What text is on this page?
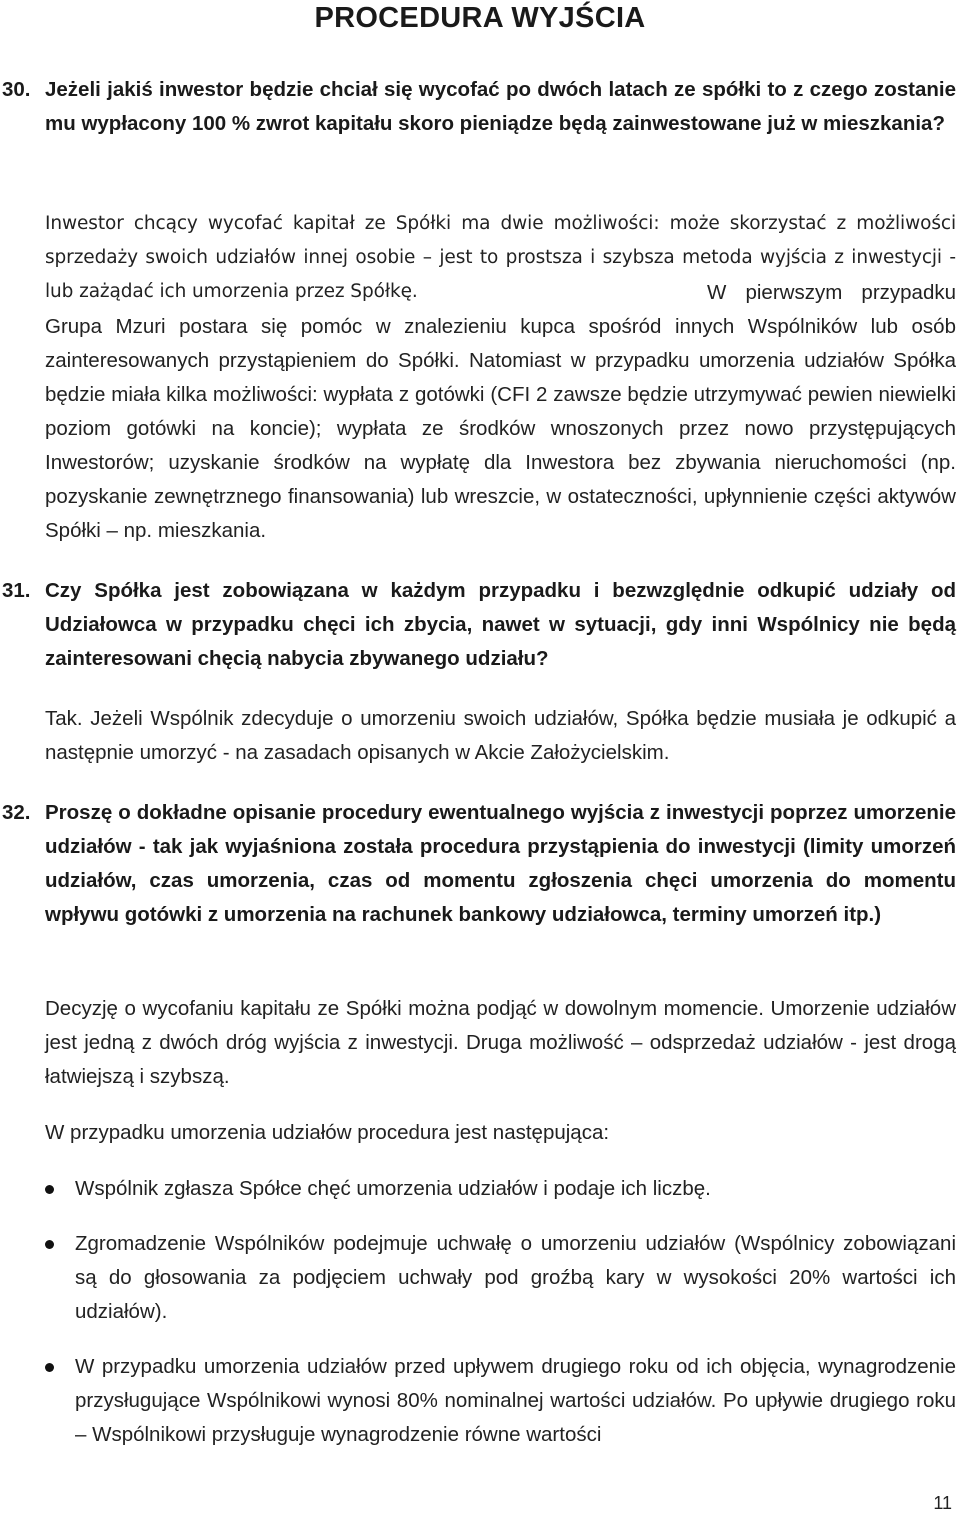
PROCEDURA WYJŚCIA
30. Jeżeli jakiś inwestor będzie chciał się wycofać po dwóch latach ze spółki to z czego zostanie mu wypłacony 100 % zwrot kapitału skoro pieniądze będą zainwestowane już w mieszkania?
Inwestor chcący wycofać kapitał ze Spółki ma dwie możliwości: może skorzystać z możliwości sprzedaży swoich udziałów innej osobie – jest to prostsza i szybsza metoda wyjścia z inwestycji - lub zażądać ich umorzenia przez Spółkę.	W pierwszym przypadku Grupa Mzuri postara się pomóc w znalezieniu kupca spośród innych Wspólników lub osób zainteresowanych przystąpieniem do Spółki. Natomiast w przypadku umorzenia udziałów Spółka będzie miała kilka możliwości: wypłata z gotówki (CFI 2 zawsze będzie utrzymywać pewien niewielki poziom gotówki na koncie); wypłata ze środków wnoszonych przez nowo przystępujących Inwestorów; uzyskanie środków na wypłatę dla Inwestora bez zbywania nieruchomości (np. pozyskanie zewnętrznego finansowania) lub wreszcie, w ostateczności, upłynnienie części aktywów Spółki – np. mieszkania.
31. Czy Spółka jest zobowiązana w każdym przypadku i bezwzględnie odkupić udziały od Udziałowca w przypadku chęci ich zbycia, nawet w sytuacji, gdy inni Wspólnicy nie będą zainteresowani chęcią nabycia zbywanego udziału?
Tak. Jeżeli Wspólnik zdecyduje o umorzeniu swoich udziałów, Spółka będzie musiała je odkupić a następnie umorzyć - na zasadach opisanych w Akcie Założycielskim.
32. Proszę o dokładne opisanie procedury ewentualnego wyjścia z inwestycji poprzez umorzenie udziałów - tak jak wyjaśniona została procedura przystąpienia do inwestycji (limity umorzeń udziałów, czas umorzenia, czas od momentu zgłoszenia chęci umorzenia do momentu wpływu gotówki z umorzenia na rachunek bankowy udziałowca, terminy umorzeń itp.)
Decyzję o wycofaniu kapitału ze Spółki można podjąć w dowolnym momencie. Umorzenie udziałów jest jedną z dwóch dróg wyjścia z inwestycji. Druga możliwość – odsprzedaż udziałów - jest drogą łatwiejszą i szybszą.
W przypadku umorzenia udziałów procedura jest następująca:
Wspólnik zgłasza Spółce chęć umorzenia udziałów i podaje ich liczbę.
Zgromadzenie Wspólników podejmuje uchwałę o umorzeniu udziałów (Wspólnicy zobowiązani są do głosowania za podjęciem uchwały pod groźbą kary w wysokości 20% wartości ich udziałów).
W przypadku umorzenia udziałów przed upływem drugiego roku od ich objęcia, wynagrodzenie przysługujące Wspólnikowi wynosi 80% nominalnej wartości udziałów. Po upływie drugiego roku – Wspólnikowi przysługuje wynagrodzenie równe wartości
11
